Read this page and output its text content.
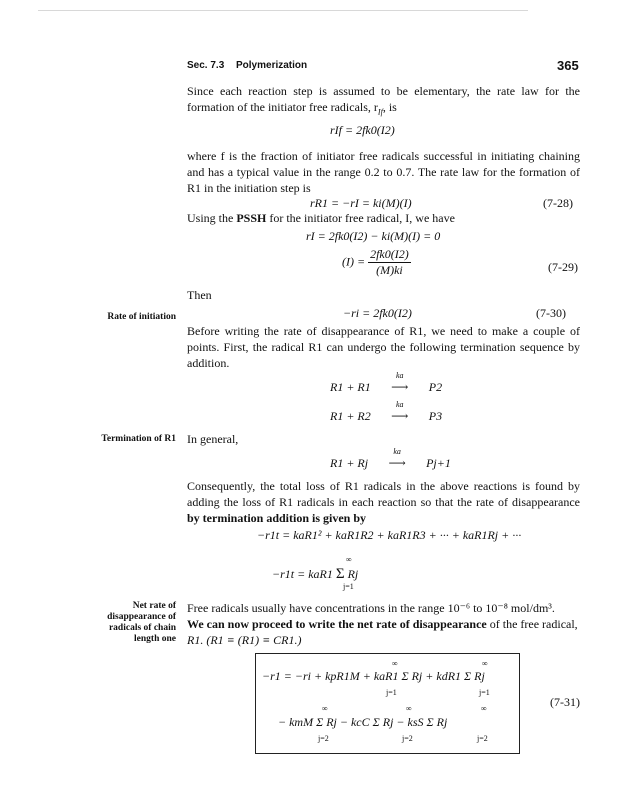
Sec. 7.3 Polymerization	365
Since each reaction step is assumed to be elementary, the rate law for the formation of the initiator free radicals, $r_{If}$, is
rIf = 2fk0(I2)
where f is the fraction of initiator free radicals successful in initiating chaining and has a typical value in the range 0.2 to 0.7. The rate law for the formation of R1 in the initiation step is
rR1 = −rI = ki(M)(I)	(7-28)
Using the PSSH for the initiator free radical, I, we have
rI = 2fk0(I2) − ki(M)(I) = 0
$(I) = \frac{2fk0(I2)}{(M)ki}$	(7-29)
Then
Rate of initiation	−ri = 2fk0(I2)	(7-30)
Before writing the rate of disappearance of R1, we need to make a couple of points. First, the radical R1 can undergo the following termination sequence by addition.
R1 + R1 ⟶
ka
P2
R1 + R2 ⟶
ka
P3
Termination of R1 In general,
R1 + Rj ⟶
ka
Pj+1
Consequently, the total loss of R1 radicals in the above reactions is found by adding the loss of R1 radicals in each reaction so that the rate of disappearance by termination addition is given by
−r1t = kaR1² + kaR1R2 + kaR1R3 + ··· + kaR1Rj + ···
−r1t = kaR1 Σ Rj
∞
j=1
Net rate of
disappearance of
radicals of chain
length one
Free radicals usually have concentrations in the range 10⁻⁶ to 10⁻⁸ mol/dm³.
We can now proceed to write the net rate of disappearance of the free radical,
R1. (R1 ≡ (R1) ≡ CR1.)
−r1 = −ri + kpR1M + kaR1 Σ Rj + kdR1 Σ Rj
∞	∞
j=1	j=1
− kmM Σ Rj − kcC Σ Rj − ksS Σ Rj
∞	∞	∞
j=2	j=2	j=2
(7-31)
